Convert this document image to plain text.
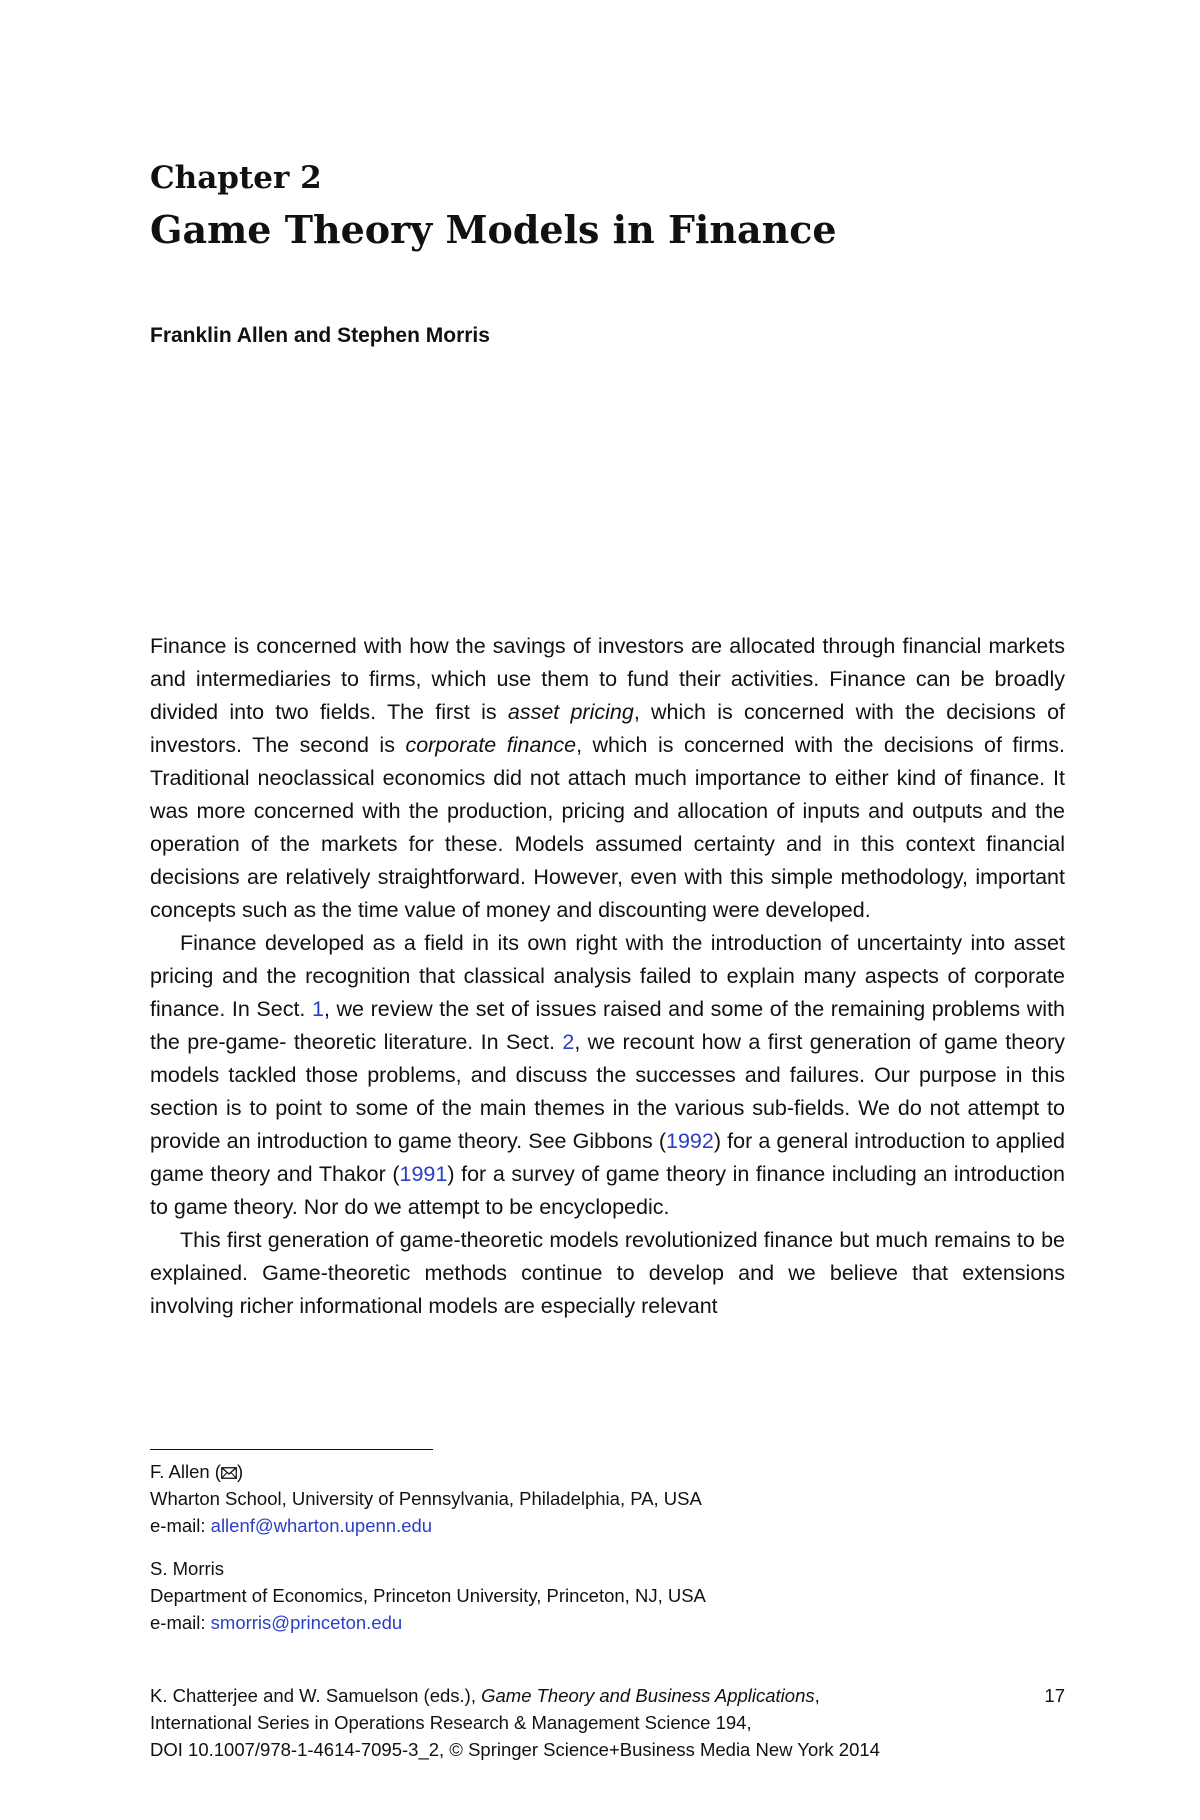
Chapter 2
Game Theory Models in Finance
Franklin Allen and Stephen Morris

Finance is concerned with how the savings of investors are allocated through financial markets and intermediaries to firms, which use them to fund their activities. Finance can be broadly divided into two fields. The first is asset pricing, which is concerned with the decisions of investors. The second is corporate finance, which is concerned with the decisions of firms. Traditional neoclassical economics did not attach much importance to either kind of finance. It was more concerned with the production, pricing and allocation of inputs and outputs and the operation of the markets for these. Models assumed certainty and in this context financial decisions are relatively straightforward. However, even with this simple methodology, important concepts such as the time value of money and discounting were developed.

Finance developed as a field in its own right with the introduction of uncertainty into asset pricing and the recognition that classical analysis failed to explain many aspects of corporate finance. In Sect. 1, we review the set of issues raised and some of the remaining problems with the pre-game- theoretic literature. In Sect. 2, we recount how a first generation of game theory models tackled those problems, and discuss the successes and failures. Our purpose in this section is to point to some of the main themes in the various sub-fields. We do not attempt to provide an introduction to game theory. See Gibbons (1992) for a general introduction to applied game theory and Thakor (1991) for a survey of game theory in finance including an introduction to game theory. Nor do we attempt to be encyclopedic.

This first generation of game-theoretic models revolutionized finance but much remains to be explained. Game-theoretic methods continue to develop and we believe that extensions involving richer informational models are especially relevant

F. Allen ( )
Wharton School, University of Pennsylvania, Philadelphia, PA, USA
e-mail: allenf@wharton.upenn.edu
S. Morris
Department of Economics, Princeton University, Princeton, NJ, USA
e-mail: smorris@princeton.edu
K. Chatterjee and W. Samuelson (eds.), Game Theory and Business Applications,
International Series in Operations Research & Management Science 194,
DOI 10.1007/978-1-4614-7095-3_2, © Springer Science+Business Media New York 2014
17
